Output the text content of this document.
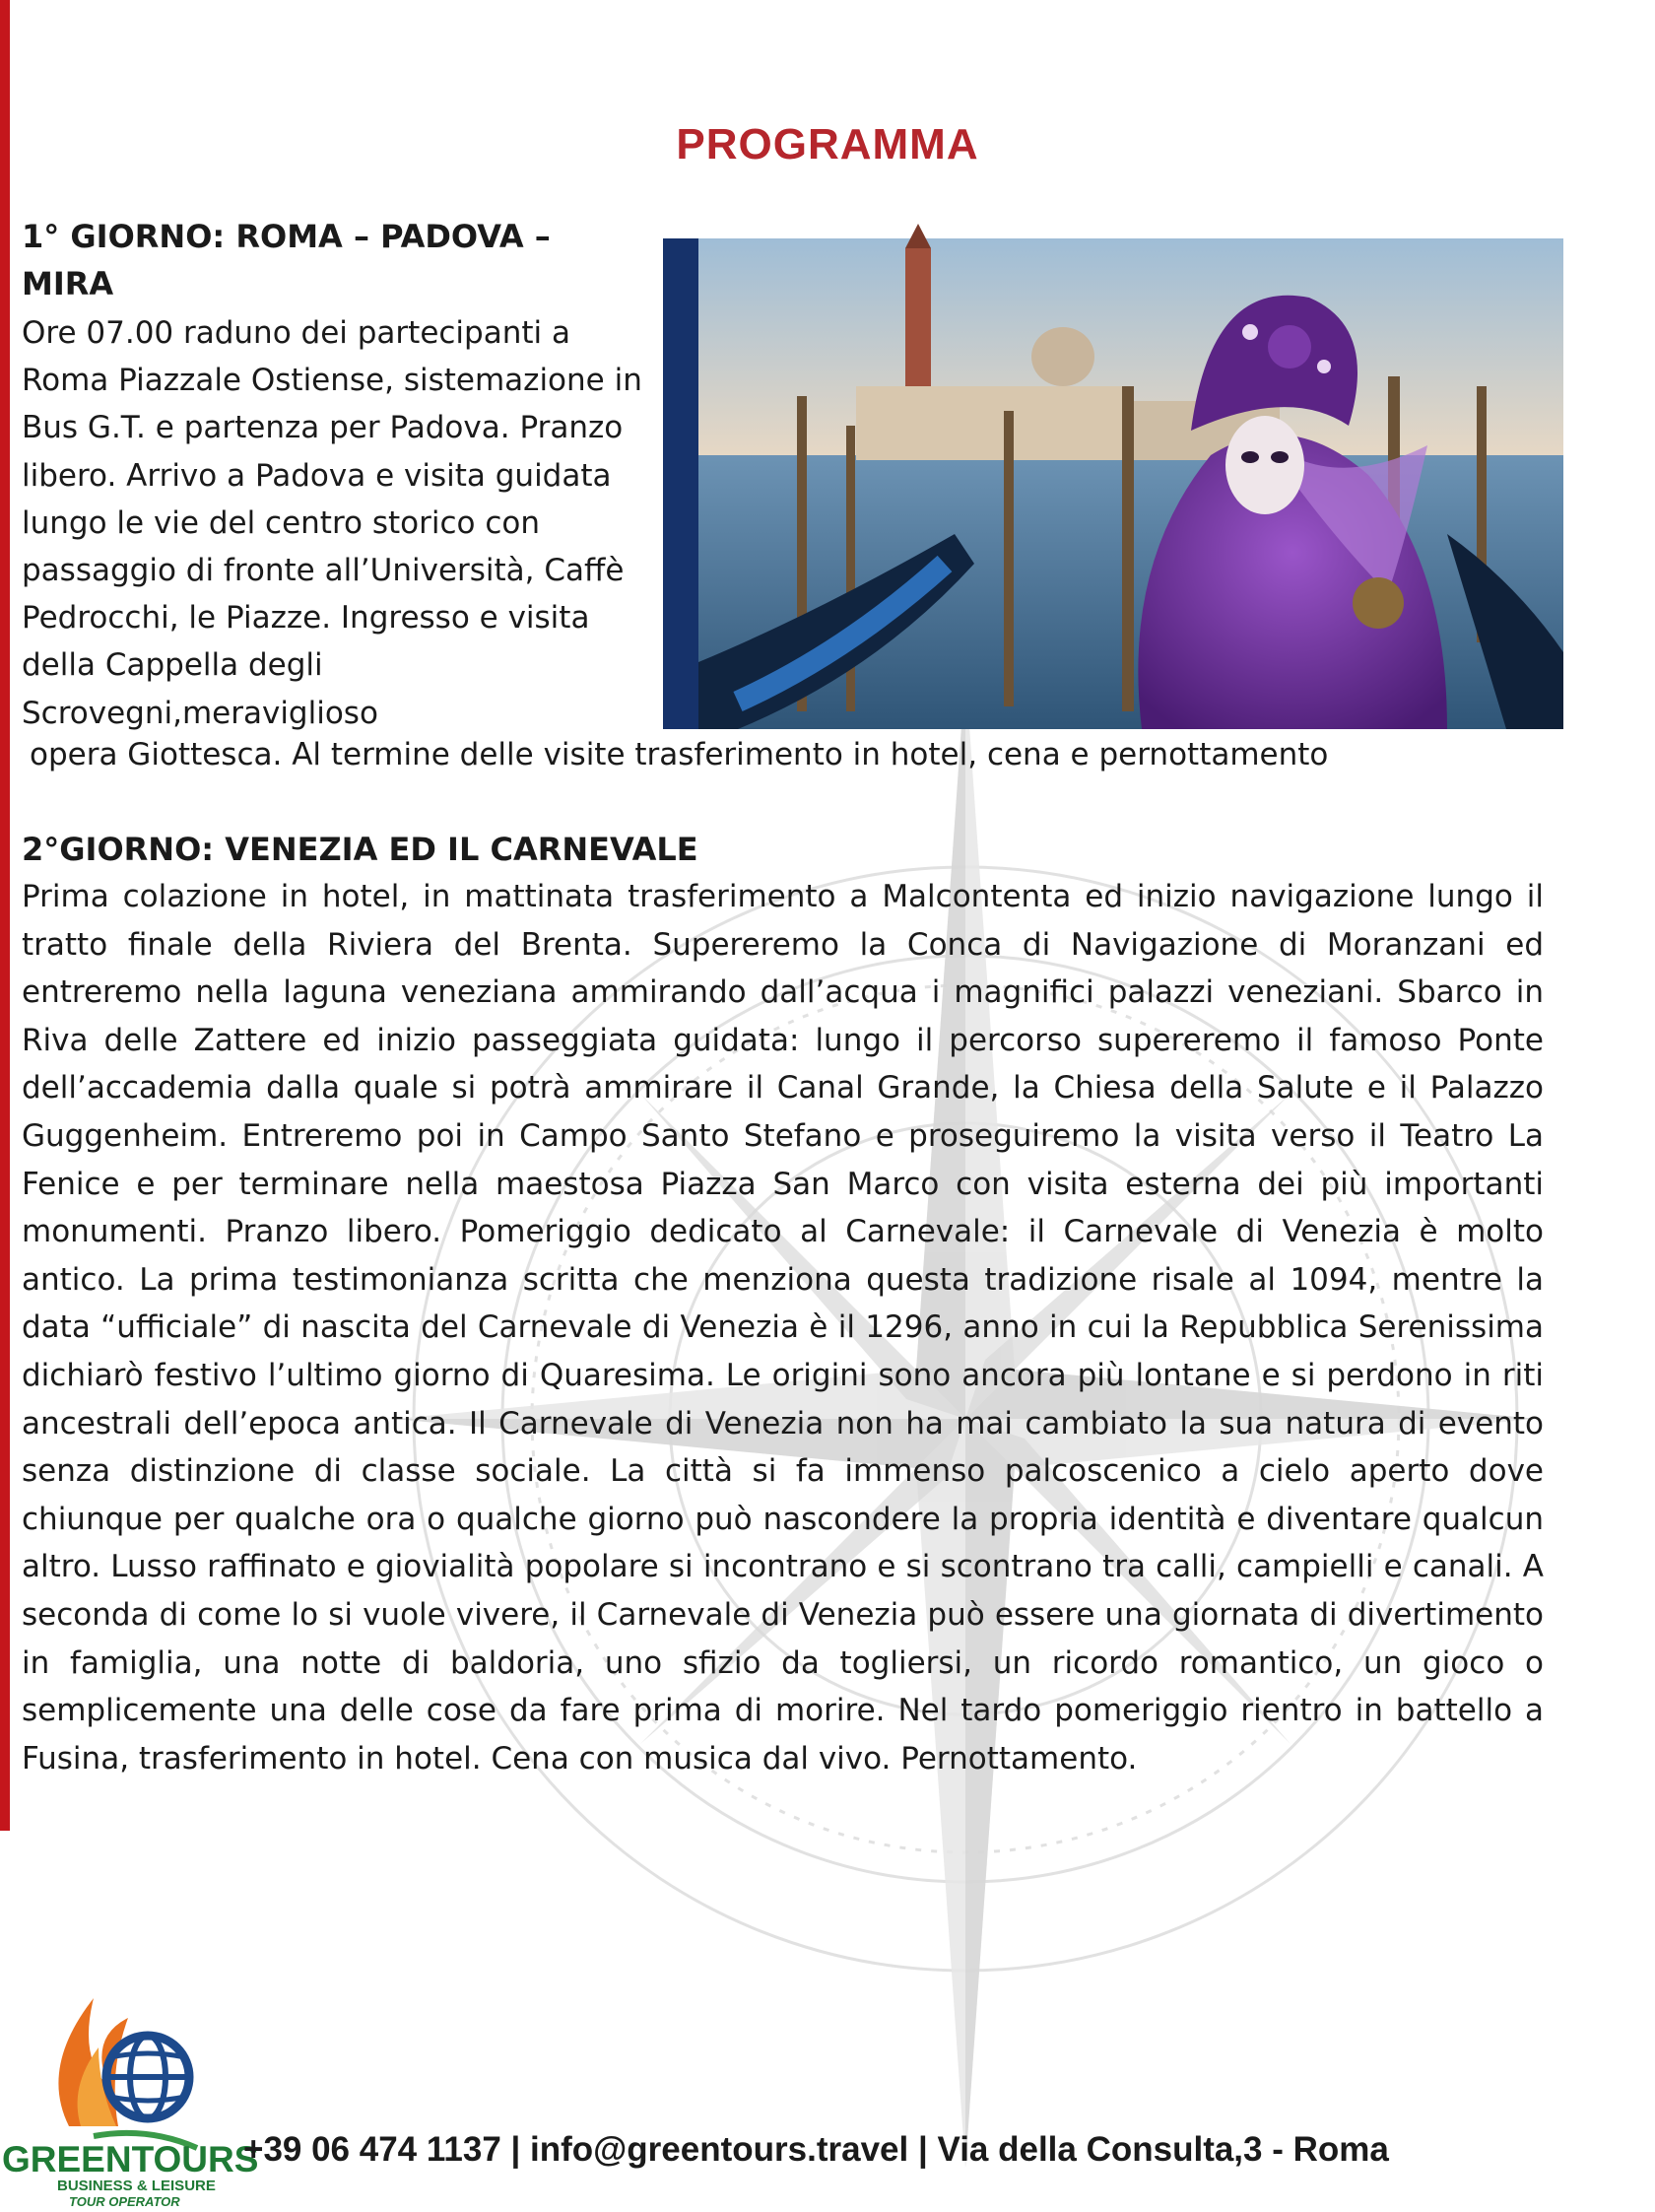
PROGRAMMA

1° GIORNO: ROMA – PADOVA – MIRA

Ore 07.00 raduno dei partecipanti a Roma Piazzale Ostiense, sistemazione in Bus G.T. e partenza per Padova. Pranzo libero. Arrivo a Padova e visita guidata lungo le vie del centro storico con passaggio di fronte all’Università, Caffè Pedrocchi, le Piazze. Ingresso e visita della Cappella degli Scrovegni,meraviglioso

opera Giottesca. Al termine delle visite trasferimento in hotel, cena e pernottamento

2°GIORNO: VENEZIA ED IL CARNEVALE

Prima colazione in hotel, in mattinata trasferimento a Malcontenta ed inizio navigazione lungo il tratto finale della Riviera del Brenta. Supereremo la Conca di Navigazione di Moranzani ed entreremo nella laguna veneziana ammirando dall’acqua i magnifici palazzi veneziani. Sbarco in Riva delle Zattere ed inizio passeggiata guidata: lungo il percorso supereremo il famoso Ponte dell’accademia dalla quale si potrà ammirare il Canal Grande, la Chiesa della Salute e il Palazzo Guggenheim. Entreremo poi in Campo Santo Stefano e proseguiremo la visita verso il Teatro La Fenice e per terminare nella maestosa Piazza San Marco con visita esterna dei più importanti monumenti. Pranzo libero. Pomeriggio dedicato al Carnevale: il Carnevale di Venezia è molto antico. La prima testimonianza scritta che menziona questa tradizione risale al 1094, mentre la data “ufficiale” di nascita del Carnevale di Venezia è il 1296, anno in cui la Repubblica Serenissima dichiarò festivo l’ultimo giorno di Quaresima. Le origini sono ancora più lontane e si perdono in riti ancestrali dell’epoca antica. Il Carnevale di Venezia non ha mai cambiato la sua natura di evento senza distinzione di classe sociale. La città si fa immenso palcoscenico a cielo aperto dove chiunque per qualche ora o qualche giorno può nascondere la propria identità e diventare qualcun altro. Lusso raffinato e giovialità popolare si incontrano e si scontrano tra calli, campielli e canali. A seconda di come lo si vuole vivere, il Carnevale di Venezia può essere una giornata di divertimento in famiglia, una notte di baldoria, uno sfizio da togliersi, un ricordo romantico, un gioco o semplicemente una delle cose da fare prima di morire. Nel tardo pomeriggio rientro in battello a Fusina, trasferimento in hotel. Cena con musica dal vivo. Pernottamento.

GREENTOURS
BUSINESS & LEISURE
TOUR OPERATOR
+39 06 474 1137 | info@greentours.travel | Via della Consulta,3 - Roma
